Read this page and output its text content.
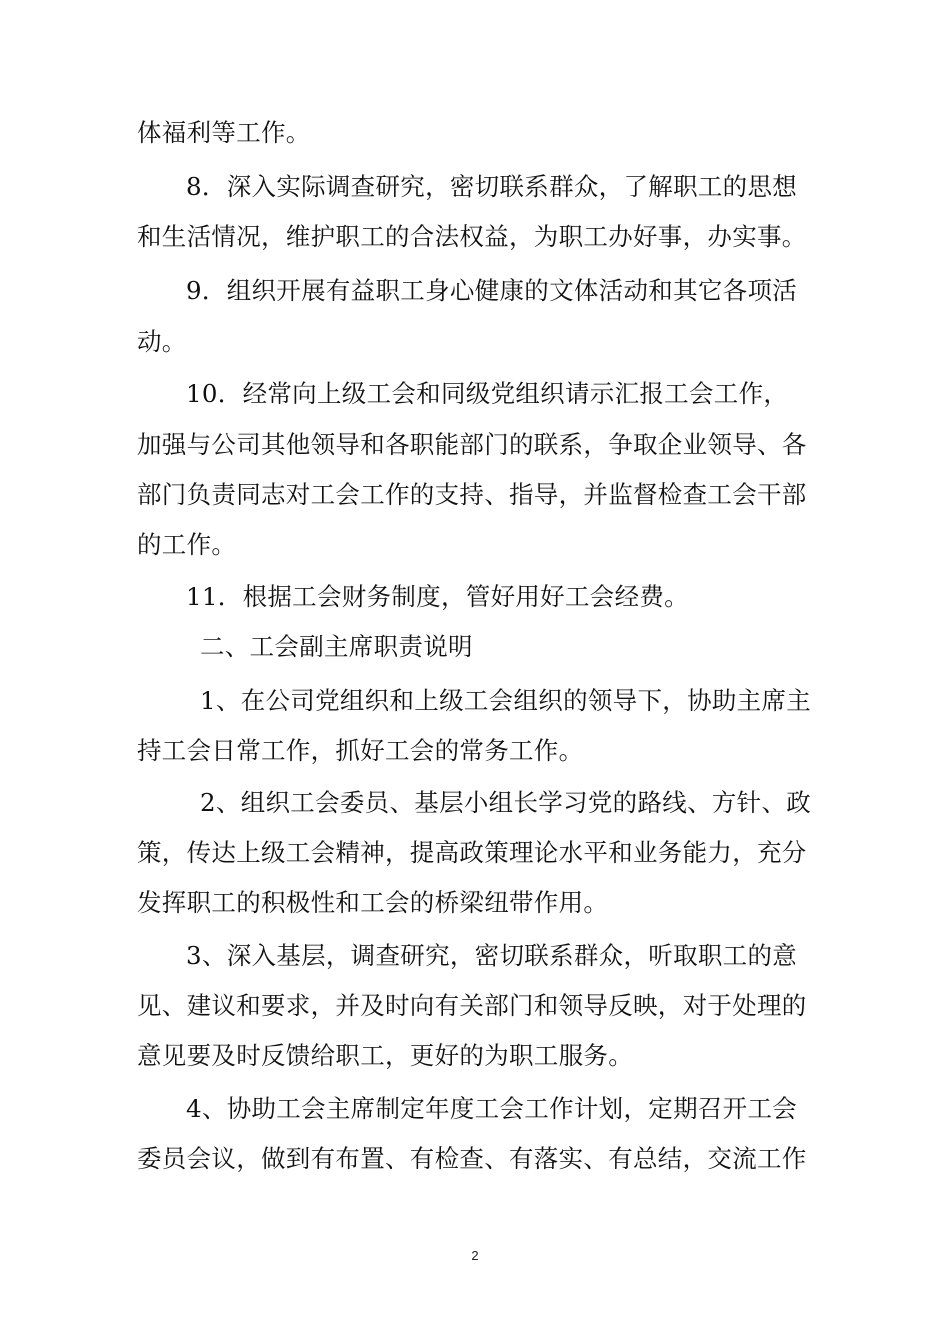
体福利等工作。

8．深入实际调查研究，密切联系群众，了解职工的思想

和生活情况，维护职工的合法权益，为职工办好事，办实事。

9．组织开展有益职工身心健康的文体活动和其它各项活

动。

10．经常向上级工会和同级党组织请示汇报工会工作，

加强与公司其他领导和各职能部门的联系，争取企业领导、各

部门负责同志对工会工作的支持、指导，并监督检查工会干部

的工作。

11．根据工会财务制度，管好用好工会经费。

二、工会副主席职责说明

1、在公司党组织和上级工会组织的领导下，协助主席主

持工会日常工作，抓好工会的常务工作。

2、组织工会委员、基层小组长学习党的路线、方针、政

策，传达上级工会精神，提高政策理论水平和业务能力，充分

发挥职工的积极性和工会的桥梁纽带作用。

3、深入基层，调查研究，密切联系群众，听取职工的意

见、建议和要求，并及时向有关部门和领导反映，对于处理的

意见要及时反馈给职工，更好的为职工服务。

4、协助工会主席制定年度工会工作计划，定期召开工会

委员会议，做到有布置、有检查、有落实、有总结，交流工作

2
